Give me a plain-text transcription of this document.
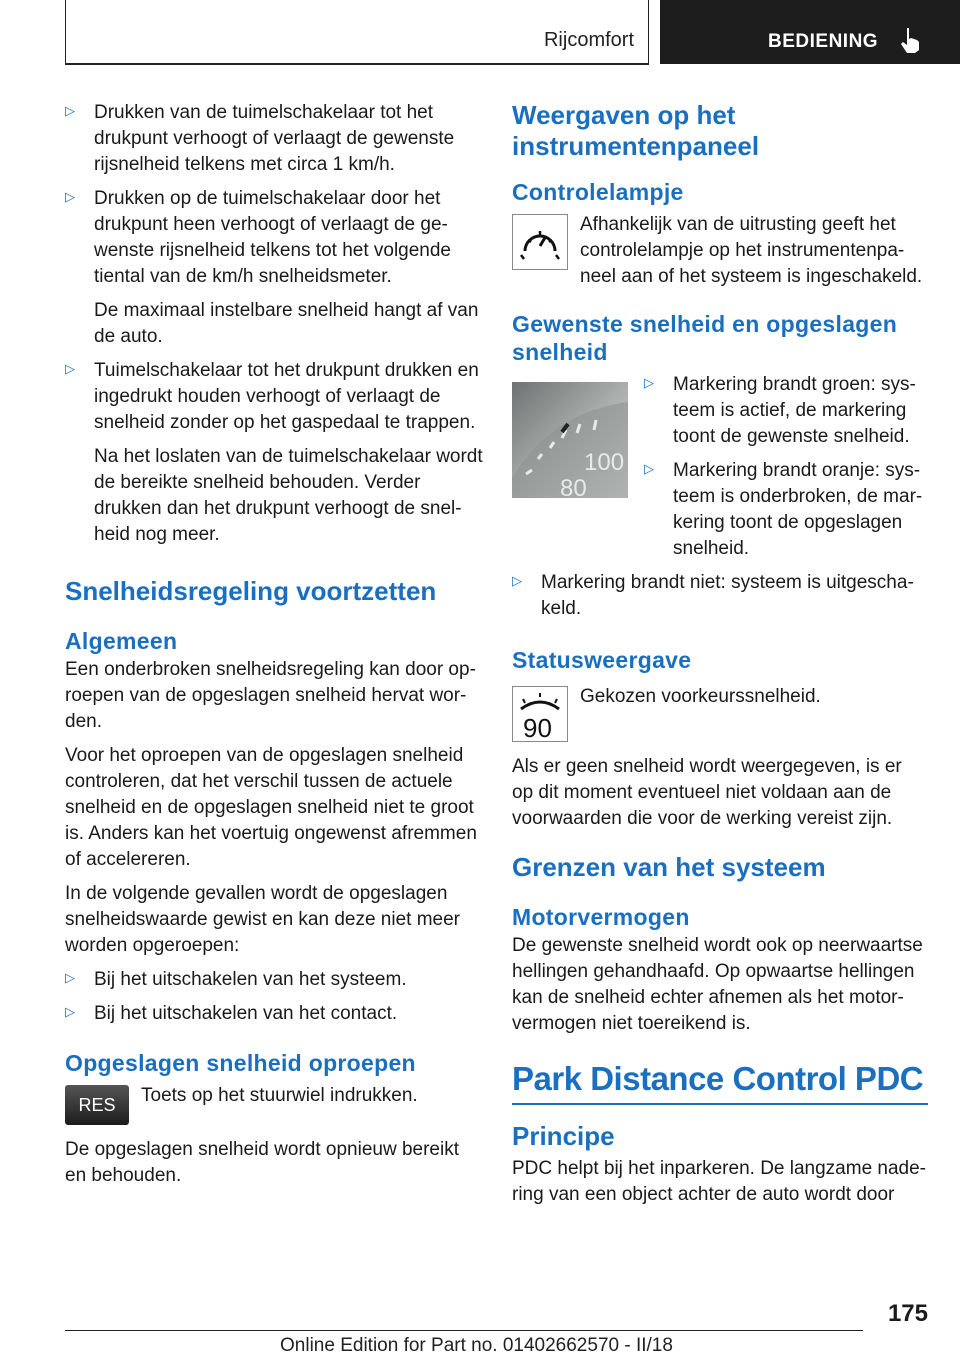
Rijcomfort	BEDIENING
▷ Drukken van de tuimelschakelaar tot het drukpunt verhoogt of verlaagt de gewenste rijsnelheid telkens met circa 1 km/h.
▷ Drukken op de tuimelschakelaar door het drukpunt heen verhoogt of verlaagt de ge‐wenste rijsnelheid telkens tot het volgende tiental van de km/h snelheidsmeter.

De maximaal instelbare snelheid hangt af van de auto.

▷ Tuimelschakelaar tot het drukpunt drukken en ingedrukt houden verhoogt of verlaagt de snelheid zonder op het gaspedaal te trappen.

Na het loslaten van de tuimelschakelaar wordt de bereikte snelheid behouden. Verder drukken dan het drukpunt verhoogt de snel‐heid nog meer.

Snelheidsregeling voortzetten
Algemeen

Een onderbroken snelheidsregeling kan door op‐roepen van de opgeslagen snelheid hervat wor‐den.

Voor het oproepen van de opgeslagen snelheid controleren, dat het verschil tussen de actuele snelheid en de opgeslagen snelheid niet te groot is. Anders kan het voertuig ongewenst afremmen of accelereren.

In de volgende gevallen wordt de opgeslagen snelheidswaarde gewist en kan deze niet meer worden opgeroepen:

▷ Bij het uitschakelen van het systeem.
▷ Bij het uitschakelen van het contact.
Opgeslagen snelheid oproepen
RES Toets op het stuurwiel indrukken.

De opgeslagen snelheid wordt opnieuw bereikt en behouden.

Weergaven op het instrumentenpaneel
Controlelampje

Afhankelijk van de uitrusting geeft het controlelampje op het instrumentenpa‐neel aan of het systeem is ingeschakeld.

Gewenste snelheid en opgeslagen snelheid
100
80
▷ Markering brandt groen: sys‐teem is actief, de markering toont de gewenste snelheid.
▷ Markering brandt oranje: sys‐teem is onderbroken, de mar‐kering toont de opgeslagen snelheid.
▷ Markering brandt niet: systeem is uitgescha‐keld.
Statusweergave
90

Gekozen voorkeurssnelheid.

Als er geen snelheid wordt weergegeven, is er op dit moment eventueel niet voldaan aan de voorwaarden die voor de werking vereist zijn.

Grenzen van het systeem
Motorvermogen

De gewenste snelheid wordt ook op neerwaartse hellingen gehandhaafd. Op opwaartse hellingen kan de snelheid echter afnemen als het motor‐vermogen niet toereikend is.

Park Distance Control PDC
Principe

PDC helpt bij het inparkeren. De langzame nade‐ring van een object achter de auto wordt door

175
Online Edition for Part no. 01402662570 - II/18
